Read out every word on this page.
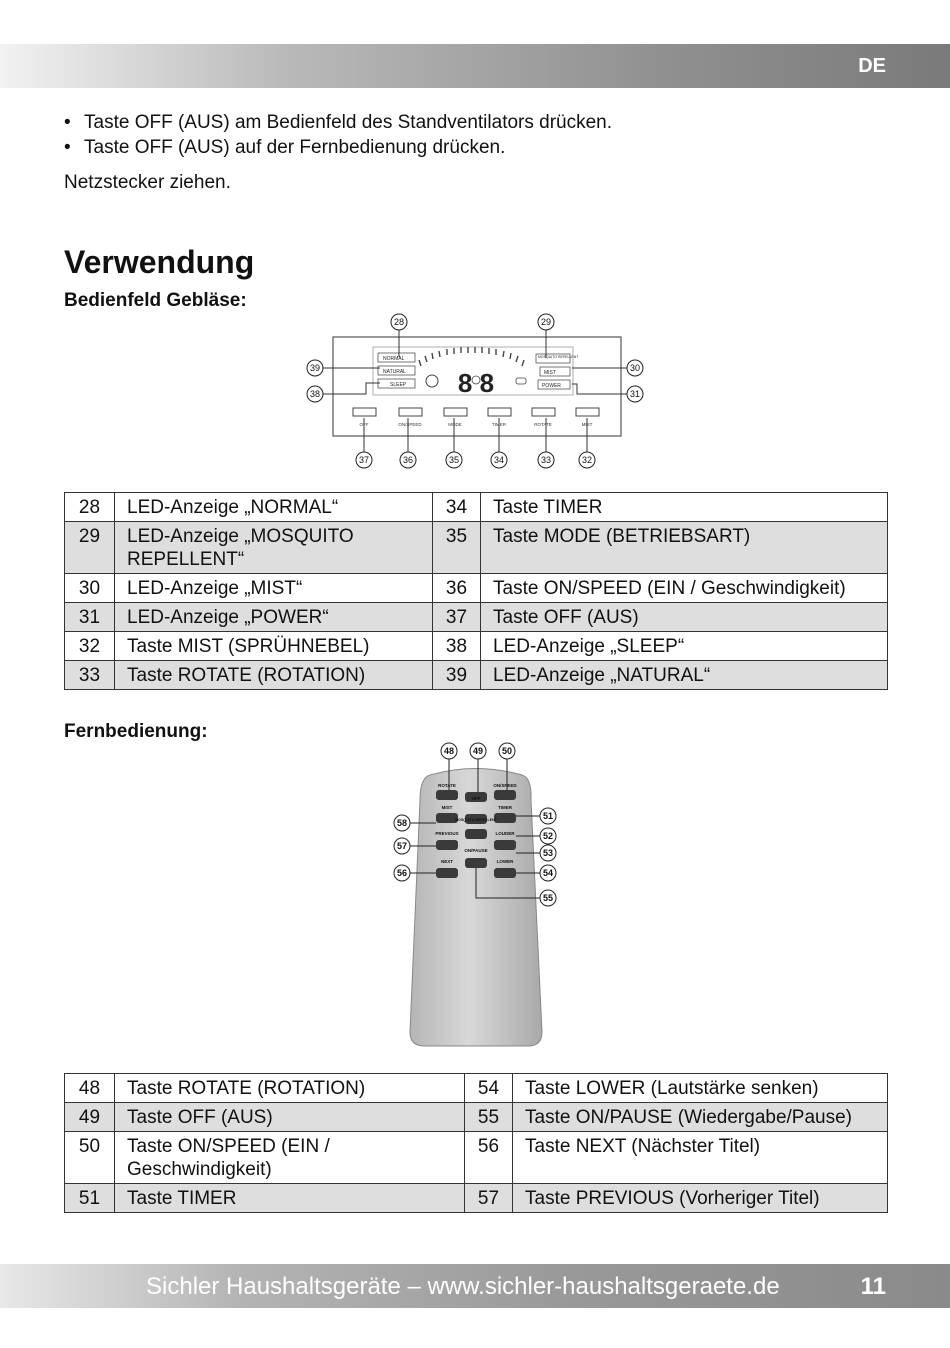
DE
• Taste OFF (AUS) am Bedienfeld des Standventilators drücken.
• Taste OFF (AUS) auf der Fernbedienung drücken.
Netzstecker ziehen.
Verwendung
Bedienfeld Gebläse:
NORMAL
NATURAL
SLEEP
MOSQUITO REPELLENT
MIST
POWER
8 8
OFF	ON/SPEED	MODE	TIMER	ROTATE	MIST
28	29
39
38
30
31
37	36	35	34	33	32
28	LED-Anzeige „NORMAL“	34	Taste TIMER
29	LED-Anzeige „MOSQUITO REPELLENT“	35	Taste MODE (BETRIEBSART)
30	LED-Anzeige „MIST“	36	Taste ON/SPEED (EIN / Geschwindigkeit)
31	LED-Anzeige „POWER“	37	Taste OFF (AUS)
32	Taste MIST (SPRÜHNEBEL)	38	LED-Anzeige „SLEEP“
33	Taste ROTATE (ROTATION)	39	LED-Anzeige „NATURAL“
Fernbedienung:
ROTATE
OFF
ON/SPEED
MIST	TIMER
MOSQUITO REPELLENT
PREVIOUS	LOUDER
ON/PAUSE
NEXT	LOWER
48 49 50
51
52
53
54
55
56
57
58
48	Taste ROTATE (ROTATION)	54	Taste LOWER (Lautstärke senken)
49	Taste OFF (AUS)	55	Taste ON/PAUSE (Wiedergabe/Pause)
50	Taste ON/SPEED (EIN / Geschwindigkeit)	56	Taste NEXT (Nächster Titel)
51	Taste TIMER	57	Taste PREVIOUS (Vorheriger Titel)
Sichler Haushaltsgeräte – www.sichler-haushaltsgeraete.de	11
